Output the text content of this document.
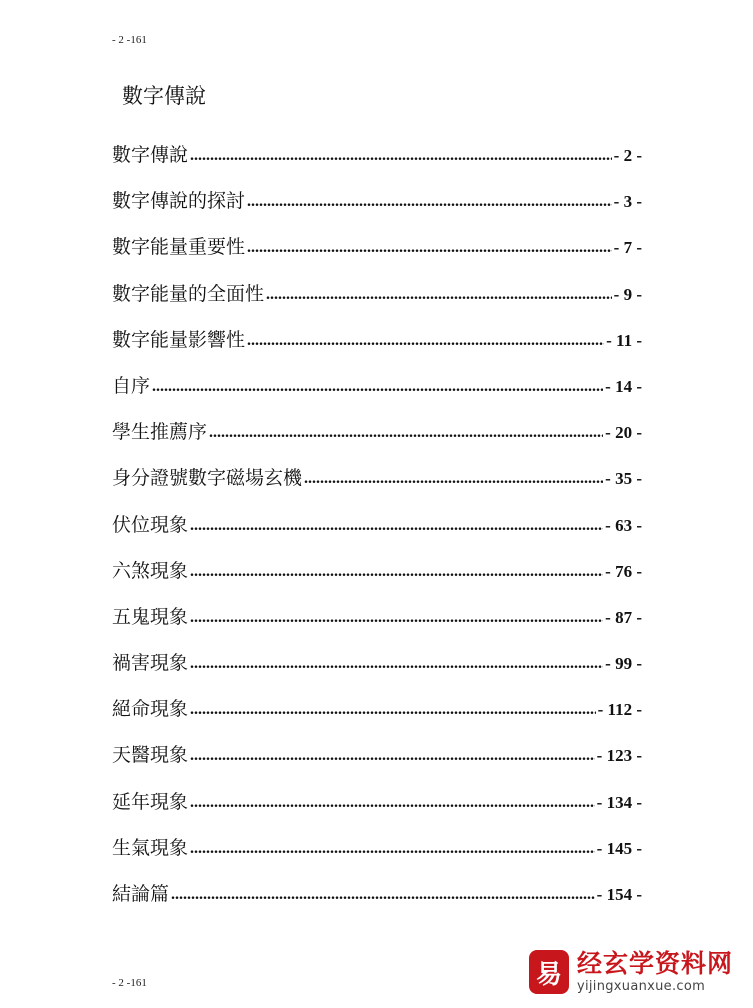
- 2 -161
數字傳說
數字傳說 .....	- 2 -
數字傳說的探討 .....	- 3 -
數字能量重要性 .....	- 7 -
數字能量的全面性 .....	- 9 -
數字能量影響性 .....	- 11 -
自序 .....	- 14 -
學生推薦序 .....	- 20 -
身分證號數字磁場玄機 .....	- 35 -
伏位現象 .....	- 63 -
六煞現象 .....	- 76 -
五鬼現象 .....	- 87 -
禍害現象 .....	- 99 -
絕命現象 .....	- 112 -
天醫現象 .....	- 123 -
延年現象 .....	- 134 -
生氣現象 .....	- 145 -
結論篇 .....	- 154 -
- 2 -161	易 经玄学资料网
yijingxuanxue.com
